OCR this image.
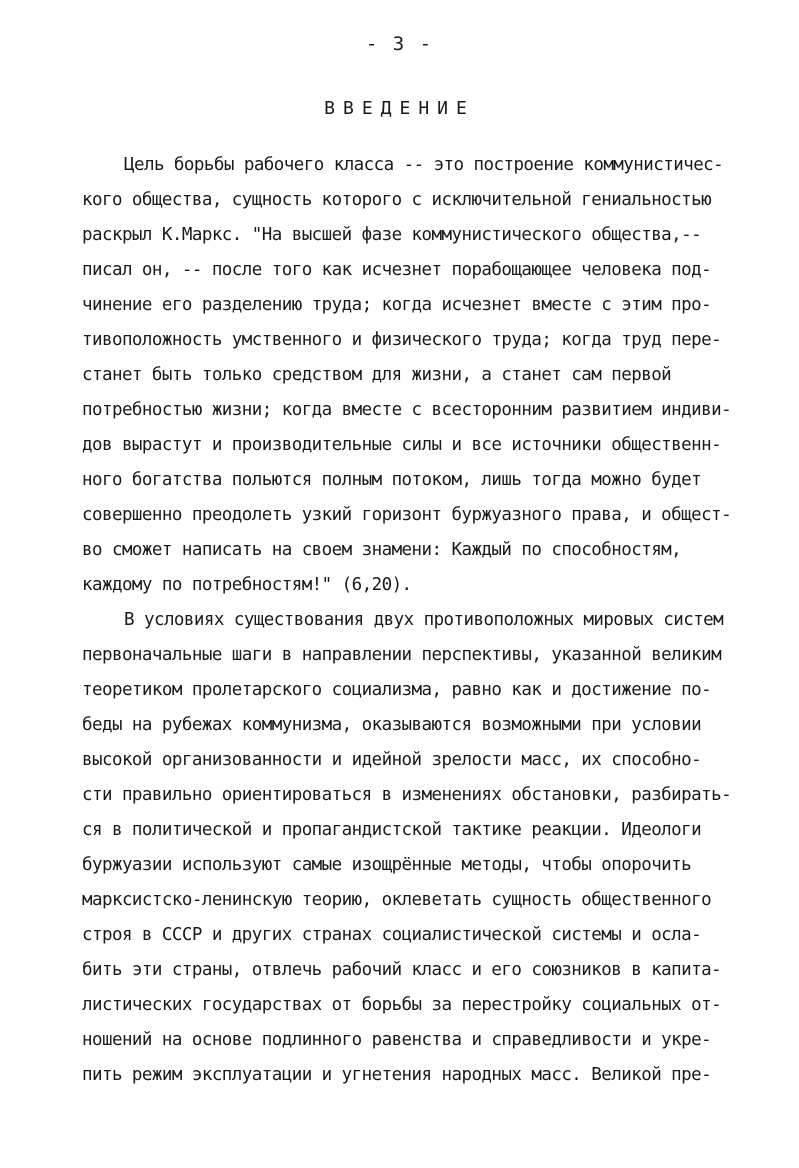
- 3 -
ВВЕДЕНИЕ
Цель борьбы рабочего класса -- это построение коммунистичес-
кого общества, сущность которого с исключительной гениальностью
раскрыл К.Маркс. "На высшей фазе коммунистического общества,--
писал он, -- после того как исчезнет порабощающее человека под-
чинение его разделению труда; когда исчезнет вместе с этим про-
тивоположность умственного и физического труда; когда труд пере-
станет быть только средством для жизни, а станет сам первой
потребностью жизни; когда вместе с всесторонним развитием индиви-
дов вырастут и производительные силы и все источники общественн-
ного богатства польются полным потоком, лишь тогда можно будет
совершенно преодолеть узкий горизонт буржуазного права, и общест-
во сможет написать на своем знамени: Каждый по способностям,
каждому по потребностям!" (6,20).
В условиях существования двух противоположных мировых систем
первоначальные шаги в направлении перспективы, указанной великим
теоретиком пролетарского социализма, равно как и достижение по-
беды на рубежах коммунизма, оказываются возможными при условии
высокой организованности и идейной зрелости масс, их способно-
сти правильно ориентироваться в изменениях обстановки, разбирать-
ся в политической и пропагандистской тактике реакции. Идеологи
буржуазии используют самые изощрённые методы, чтобы опорочить
марксистско-ленинскую теорию, оклеветать сущность общественного
строя в СССР и других странах социалистической системы и осла-
бить эти страны, отвлечь рабочий класс и его союзников в капита-
листических государствах от борьбы за перестройку социальных от-
ношений на основе подлинного равенства и справедливости и укре-
пить режим эксплуатации и угнетения народных масс. Великой пре-
